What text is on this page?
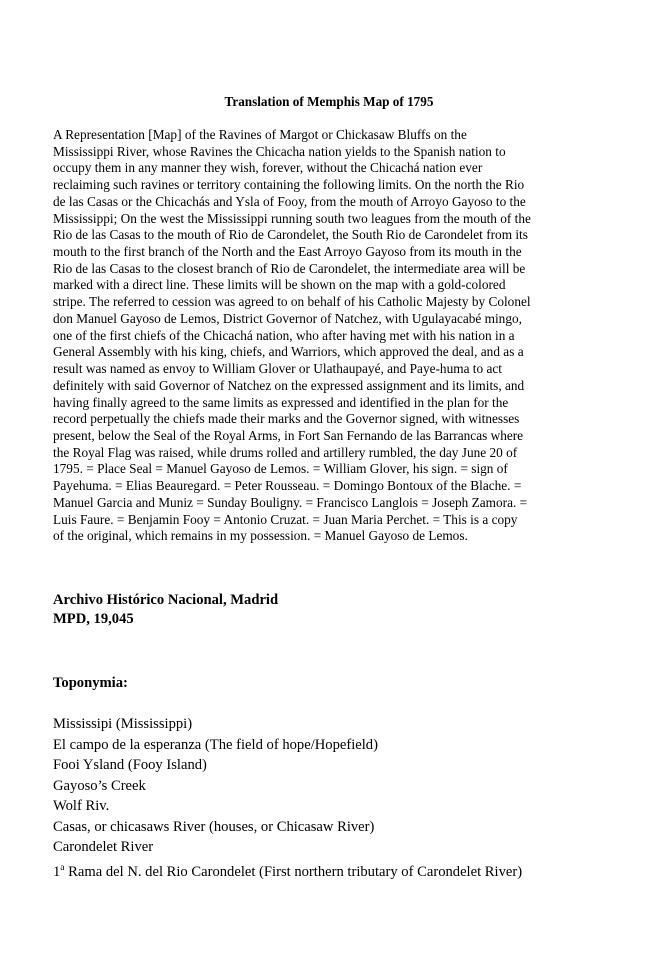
Translation of Memphis Map of 1795
A Representation [Map] of the Ravines of Margot or Chickasaw Bluffs on the
Mississippi River, whose Ravines the Chicacha nation yields to the Spanish nation to
occupy them in any manner they wish, forever, without the Chicachá nation ever
reclaiming such ravines or territory containing the following limits. On the north the Rio
de las Casas or the Chicachás and Ysla of Fooy, from the mouth of Arroyo Gayoso to the
Mississippi; On the west the Mississippi running south two leagues from the mouth of the
Rio de las Casas to the mouth of Rio de Carondelet, the South Rio de Carondelet from its
mouth to the first branch of the North and the East Arroyo Gayoso from its mouth in the
Rio de las Casas to the closest branch of Rio de Carondelet, the intermediate area will be
marked with a direct line. These limits will be shown on the map with a gold-colored
stripe. The referred to cession was agreed to on behalf of his Catholic Majesty by Colonel
don Manuel Gayoso de Lemos, District Governor of Natchez, with Ugulayacabé mingo,
one of the first chiefs of the Chicachá nation, who after having met with his nation in a
General Assembly with his king, chiefs, and Warriors, which approved the deal, and as a
result was named as envoy to William Glover or Ulathaupayé, and Paye-huma to act
definitely with said Governor of Natchez on the expressed assignment and its limits, and
having finally agreed to the same limits as expressed and identified in the plan for the
record perpetually the chiefs made their marks and the Governor signed, with witnesses
present, below the Seal of the Royal Arms, in Fort San Fernando de las Barrancas where
the Royal Flag was raised, while drums rolled and artillery rumbled, the day June 20 of
1795. = Place Seal = Manuel Gayoso de Lemos. = William Glover, his sign. = sign of
Payehuma. = Elias Beauregard. = Peter Rousseau. = Domingo Bontoux of the Blache. =
Manuel Garcia and Muniz = Sunday Bouligny. = Francisco Langlois = Joseph Zamora. =
Luis Faure. = Benjamin Fooy = Antonio Cruzat. = Juan Maria Perchet. = This is a copy
of the original, which remains in my possession. = Manuel Gayoso de Lemos.
Archivo Histórico Nacional, Madrid
MPD, 19,045
Toponymia:
Mississipi (Mississippi)
El campo de la esperanza (The field of hope/Hopefield)
Fooi Ysland (Fooy Island)
Gayoso’s Creek
Wolf Riv.
Casas, or chicasaws River (houses, or Chicasaw River)
Carondelet River
1$^a$ Rama del N. del Rio Carondelet (First northern tributary of Carondelet River)
